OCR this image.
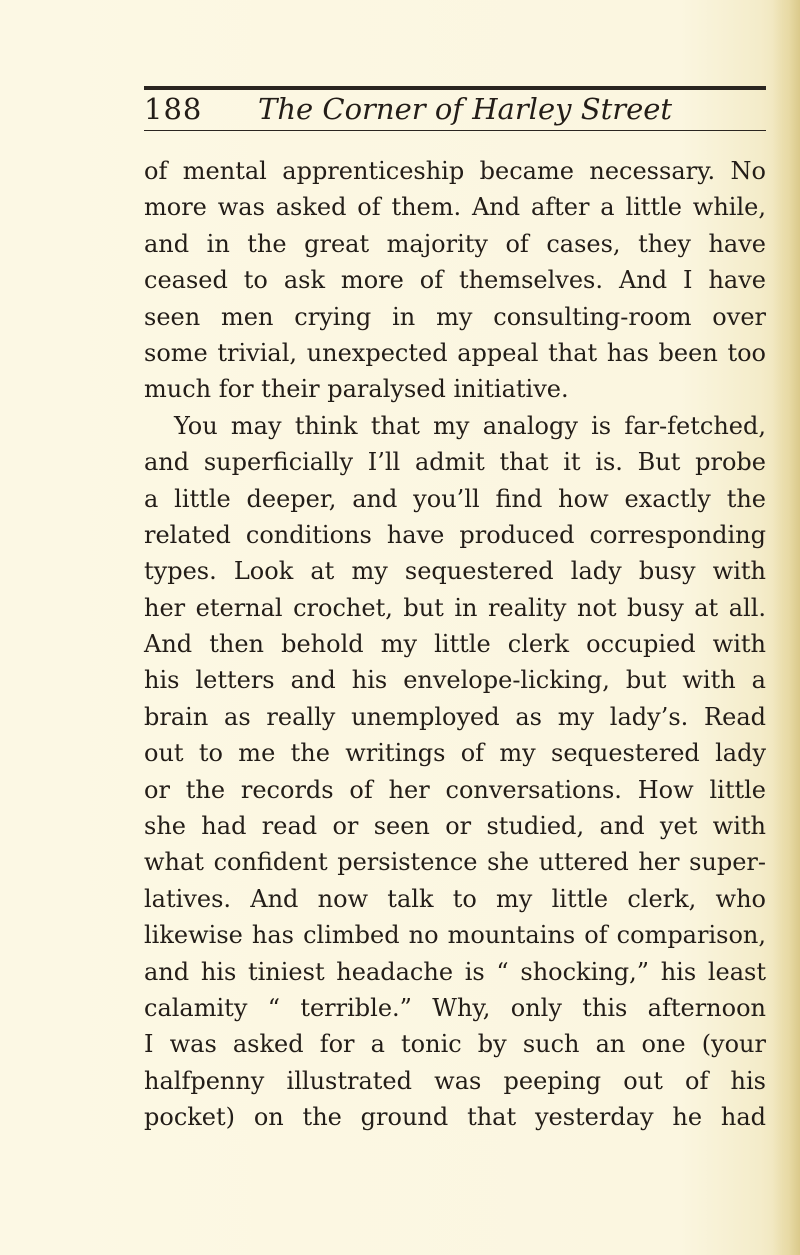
188 The Corner of Harley Street
of mental apprenticeship became necessary. No
more was asked of them. And after a little while,
and in the great majority of cases, they have
ceased to ask more of themselves. And I have
seen men crying in my consulting-room over
some trivial, unexpected appeal that has been too
much for their paralysed initiative.
You may think that my analogy is far-fetched,
and superficially I’ll admit that it is. But probe
a little deeper, and you’ll find how exactly the
related conditions have produced corresponding
types. Look at my sequestered lady busy with
her eternal crochet, but in reality not busy at all.
And then behold my little clerk occupied with
his letters and his envelope-licking, but with a
brain as really unemployed as my lady’s. Read
out to me the writings of my sequestered lady
or the records of her conversations. How little
she had read or seen or studied, and yet with
what confident persistence she uttered her super-
latives. And now talk to my little clerk, who
likewise has climbed no mountains of comparison,
and his tiniest headache is “ shocking,” his least
calamity “ terrible.” Why, only this afternoon
I was asked for a tonic by such an one (your
halfpenny illustrated was peeping out of his
pocket) on the ground that yesterday he had
